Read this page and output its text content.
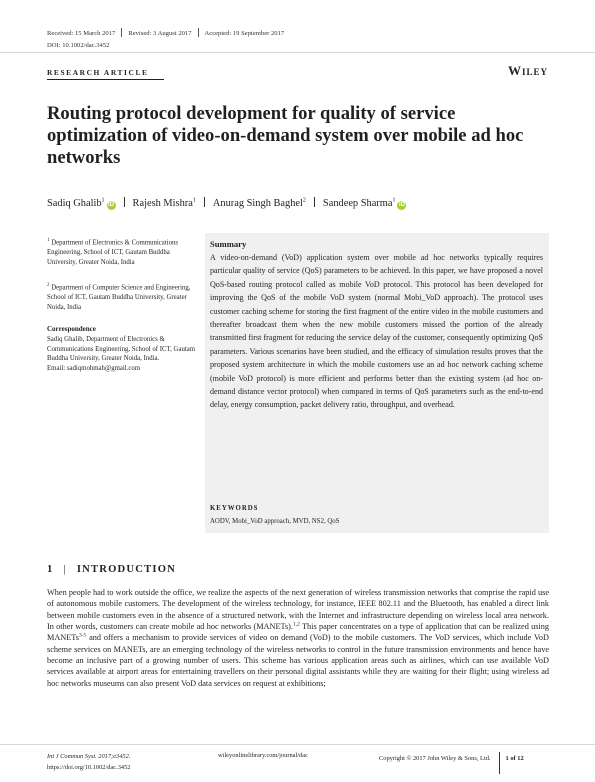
Received: 15 March 2017 Revised: 3 August 2017 Accepted: 19 September 2017
DOI: 10.1002/dac.3452
RESEARCH ARTICLE	Wiley
Routing protocol development for quality of service optimization of video-on-demand system over mobile ad hoc networks
Sadiq Ghalib$^1$iD Rajesh Mishra$^1$ Anurag Singh Baghel$^2$ Sandeep Sharma$^1$iD
$^1$ Department of Electronics & Communications Engineering, School of ICT, Gautam Buddha University, Greater Noida, India
$^2$ Department of Computer Science and Engineering, School of ICT, Gautam Buddha University, Greater Noida, India
Correspondence
Sadiq Ghalib, Department of Electronics & Communications Engineering, School of ICT, Gautam Buddha University, Greater Noida, India.
Email: sadiqmohmah@gmail.com
Summary

A video-on-demand (VoD) application system over mobile ad hoc networks typically requires particular quality of service (QoS) parameters to be achieved. In this paper, we have proposed a novel QoS-based routing protocol called as mobile VoD protocol. This protocol has been developed for improving the QoS of the mobile VoD system (normal Mobi_VoD approach). The protocol uses customer caching scheme for storing the first fragment of the entire video in the mobile customers and thereafter broadcast them when the new mobile customers missed the portion of the already transmitted first fragment for reducing the service delay of the customer, consequently optimizing QoS parameters. Various scenarios have been studied, and the efficacy of simulation results proves that the proposed system architecture in which the mobile customers use an ad hoc network caching scheme (mobile VoD protocol) is more efficient and performs better than the existing system (ad hoc on-demand distance vector protocol) when compared in terms of QoS parameters such as the end-to-end delay, energy consumption, packet delivery ratio, throughput, and overhead.

KEYWORDS
AODV, Mobi_VoD approach, MVD, NS2, QoS
1 | INTRODUCTION

When people had to work outside the office, we realize the aspects of the next generation of wireless transmission networks that comprise the rapid use of autonomous mobile customers. The development of the wireless technology, for instance, IEEE 802.11 and the Bluetooth, has enabled a direct link between mobile customers even in the absence of a structured network, with the Internet and infrastructure depending on wireless local area network. In other words, customers can create mobile ad hoc networks (MANETs).$^{1,2}$ This paper concentrates on a type of application that can be realized using MANETs$^{3-5}$ and offers a mechanism to provide services of video on demand (VoD) to the mobile customers. The VoD services, which include VoD scheme services on MANETs, are an emerging technology of the wireless networks to control in the future transmission environments and hence have become an inclusive part of a growing number of users. This scheme has various application areas such as airlines, which can use available VoD services available at airport areas for entertaining travellers on their personal digital assistants while they are waiting for their flight; using wireless ad hoc networks museums can also present VoD data services on request at exhibitions;

Int J Commun Syst. 2017;e3452.
https://doi.org/10.1002/dac.3452
wileyonlinelibrary.com/journal/dac	Copyright © 2017 John Wiley & Sons, Ltd. 1 of 12
